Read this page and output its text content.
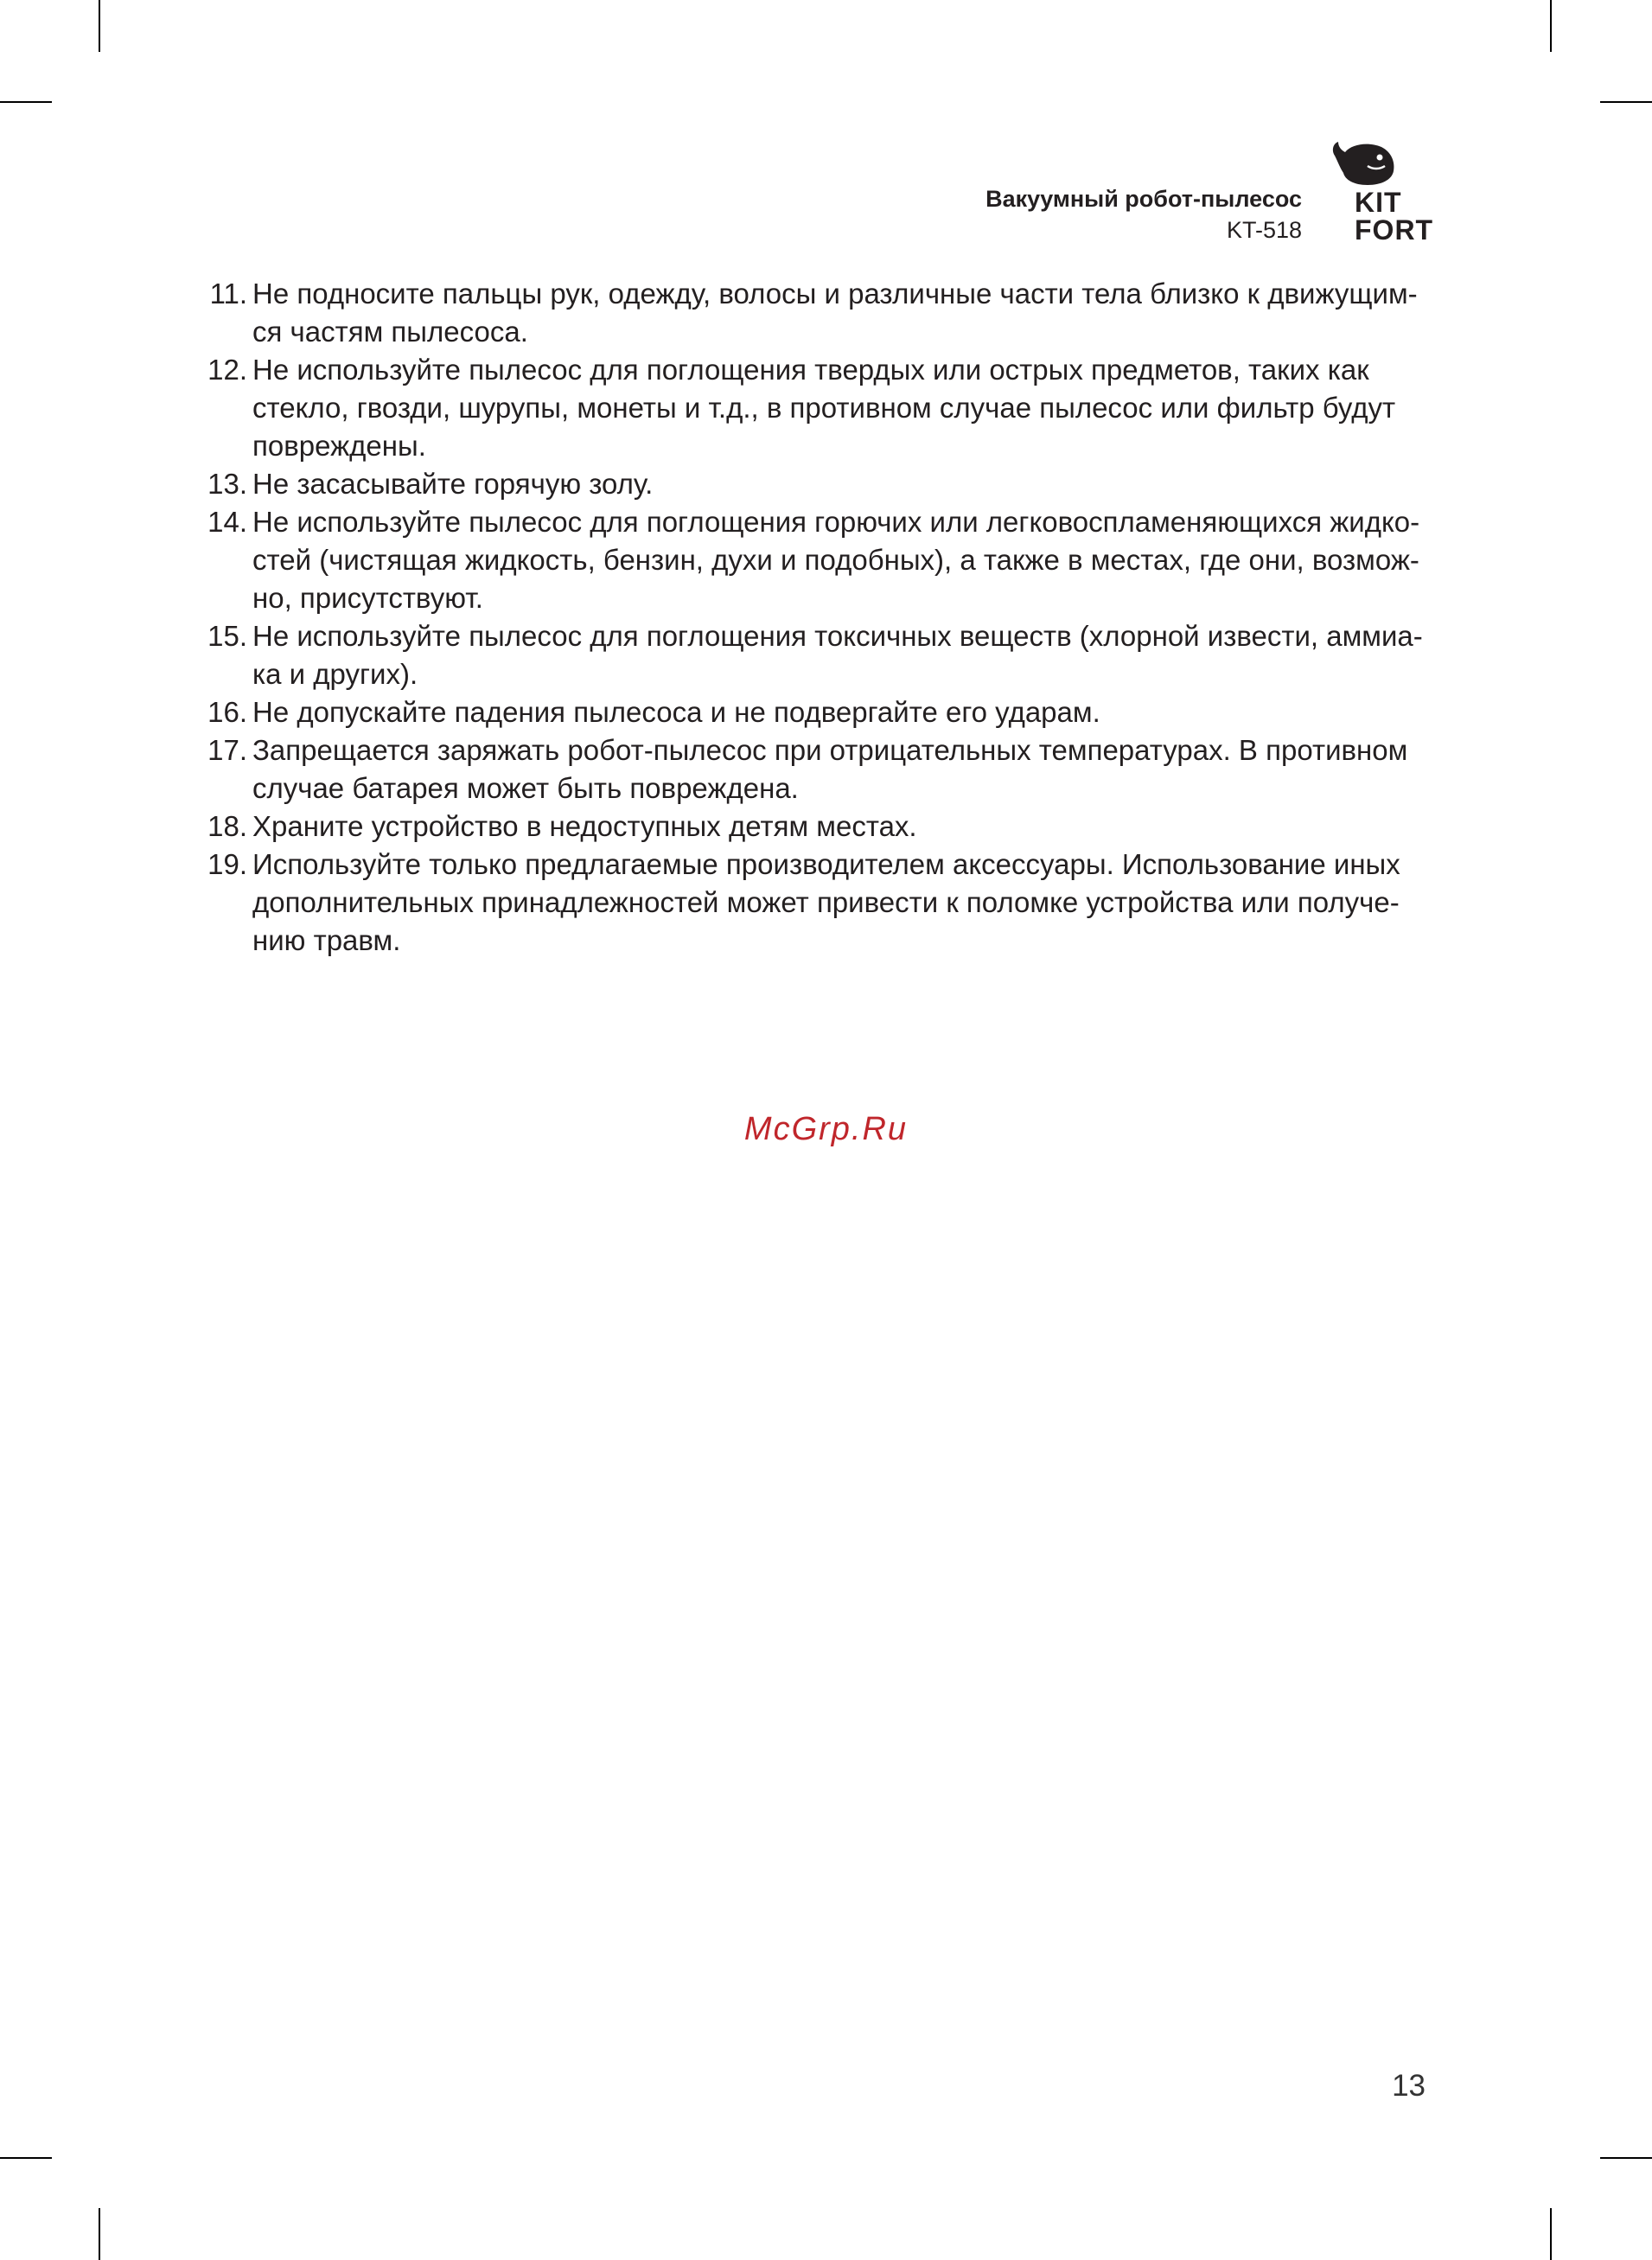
Вакуумный робот-пылесос
KT-518
KIT
FORT
11. Не подносите пальцы рук, одежду, волосы и различные части тела близко к движущим-
ся частям пылесоса.
12. Не используйте пылесос для поглощения твердых или острых предметов, таких как
стекло, гвозди, шурупы, монеты и т.д., в противном случае пылесос или фильтр будут
повреждены.
13. Не засасывайте горячую золу.
14. Не используйте пылесос для поглощения горючих или легковоспламеняющихся жидко-
стей (чистящая жидкость, бензин, духи и подобных), а также в местах, где они, возмож-
но, присутствуют.
15. Не используйте пылесос для поглощения токсичных веществ (хлорной извести, аммиа-
ка и других).
16. Не допускайте падения пылесоса и не подвергайте его ударам.
17. Запрещается заряжать робот-пылесос при отрицательных температурах. В противном
случае батарея может быть повреждена.
18. Храните устройство в недоступных детям местах.
19. Используйте только предлагаемые производителем аксессуары. Использование иных
дополнительных принадлежностей может привести к поломке устройства или получе-
нию травм.
McGrp.Ru
13
